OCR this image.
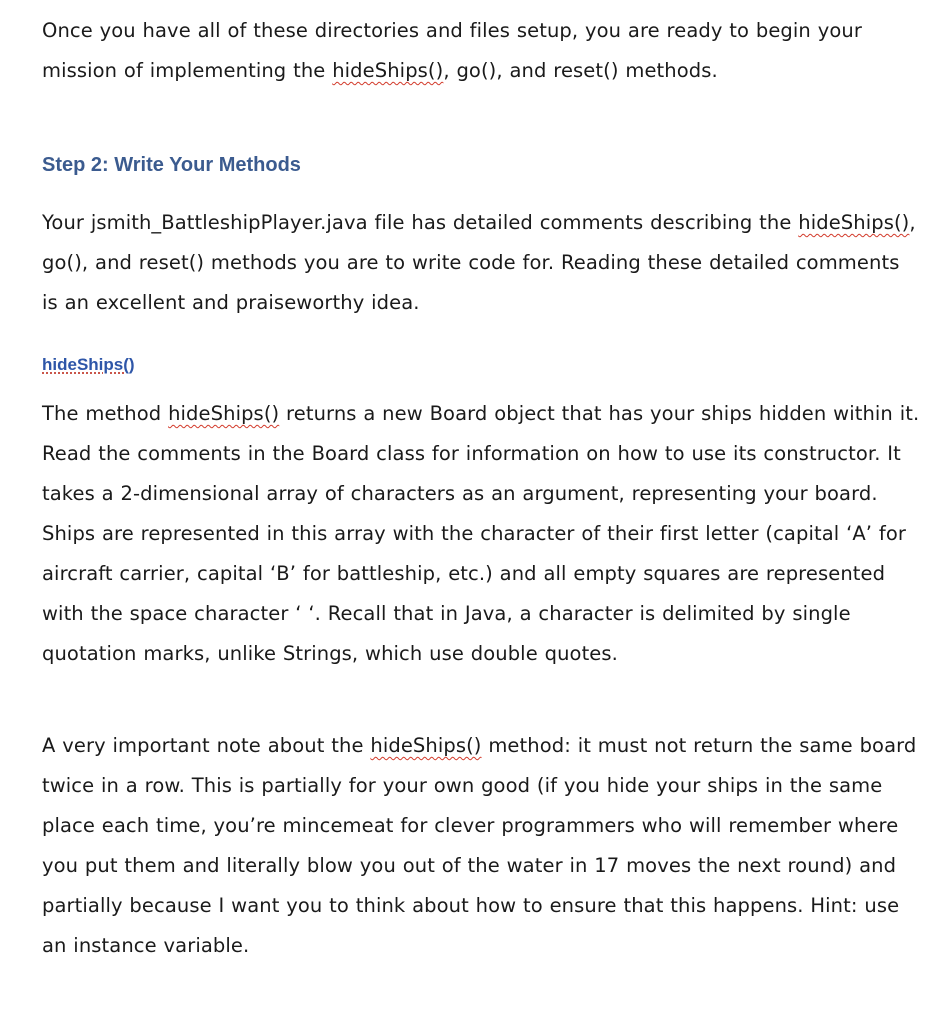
Once you have all of these directories and files setup, you are ready to begin your mission of implementing the hideShips(), go(), and reset() methods.

Step 2: Write Your Methods

Your jsmith_BattleshipPlayer.java file has detailed comments describing the hideShips(), go(), and reset() methods you are to write code for. Reading these detailed comments is an excellent and praiseworthy idea.

hideShips()

The method hideShips() returns a new Board object that has your ships hidden within it. Read the comments in the Board class for information on how to use its constructor. It takes a 2-dimensional array of characters as an argument, representing your board. Ships are represented in this array with the character of their first letter (capital ‘A’ for aircraft carrier, capital ‘B’ for battleship, etc.) and all empty squares are represented with the space character ‘ ‘. Recall that in Java, a character is delimited by single quotation marks, unlike Strings, which use double quotes.

A very important note about the hideShips() method: it must not return the same board twice in a row. This is partially for your own good (if you hide your ships in the same place each time, you’re mincemeat for clever programmers who will remember where you put them and literally blow you out of the water in 17 moves the next round) and partially because I want you to think about how to ensure that this happens. Hint: use an instance variable.
